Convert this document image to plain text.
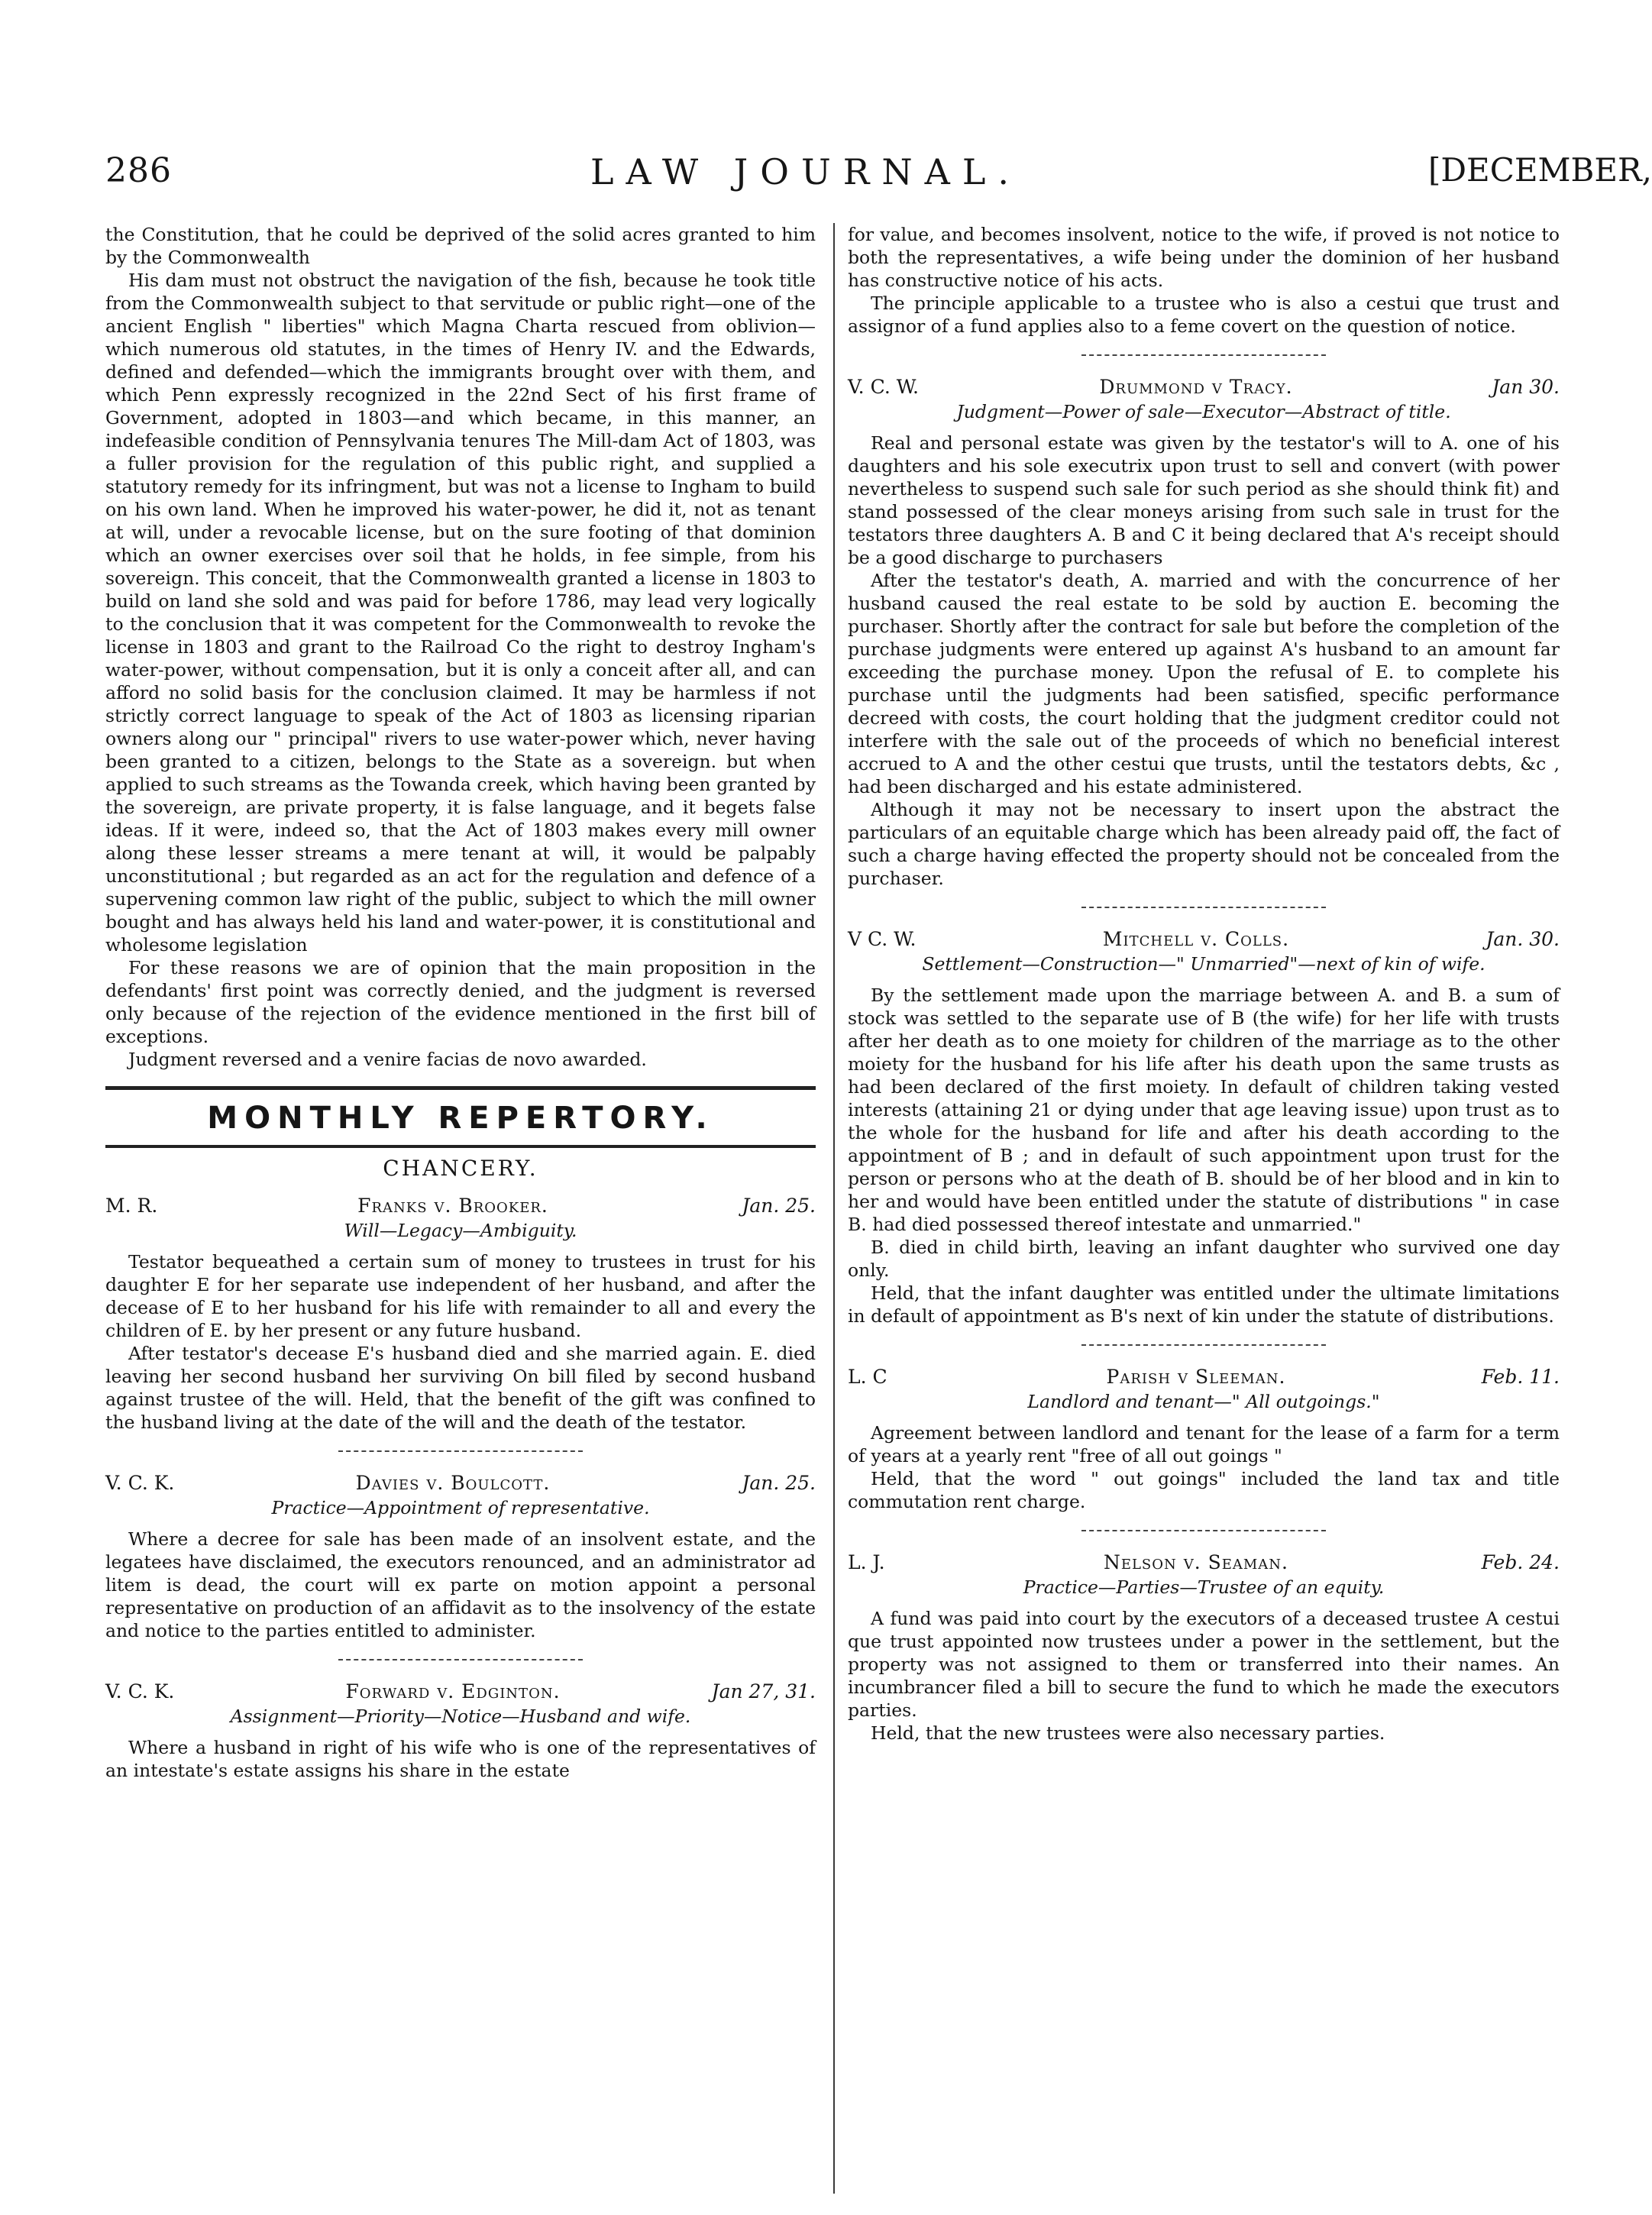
286	LAW JOURNAL.	[DECEMBER,

the Constitution, that he could be deprived of the solid acres granted to him by the Commonwealth

His dam must not obstruct the navigation of the fish, because he took title from the Commonwealth subject to that servitude or public right—one of the ancient English " liberties" which Magna Charta rescued from oblivion—which numerous old statutes, in the times of Henry IV. and the Edwards, defined and defended—which the immigrants brought over with them, and which Penn expressly recognized in the 22nd Sect of his first frame of Government, adopted in 1803—and which became, in this manner, an indefeasible condition of Pennsylvania tenures The Mill-dam Act of 1803, was a fuller provision for the regulation of this public right, and supplied a statutory remedy for its infringment, but was not a license to Ingham to build on his own land. When he improved his water-power, he did it, not as tenant at will, under a revocable license, but on the sure footing of that dominion which an owner exercises over soil that he holds, in fee simple, from his sovereign. This conceit, that the Commonwealth granted a license in 1803 to build on land she sold and was paid for before 1786, may lead very logically to the conclusion that it was competent for the Commonwealth to revoke the license in 1803 and grant to the Railroad Co the right to destroy Ingham's water-power, without compensation, but it is only a conceit after all, and can afford no solid basis for the conclusion claimed. It may be harmless if not strictly correct language to speak of the Act of 1803 as licensing riparian owners along our " principal" rivers to use water-power which, never having been granted to a citizen, belongs to the State as a sovereign. but when applied to such streams as the Towanda creek, which having been granted by the sovereign, are private property, it is false language, and it begets false ideas. If it were, indeed so, that the Act of 1803 makes every mill owner along these lesser streams a mere tenant at will, it would be palpably unconstitutional ; but regarded as an act for the regulation and defence of a supervening common law right of the public, subject to which the mill owner bought and has always held his land and water-power, it is constitutional and wholesome legislation

For these reasons we are of opinion that the main proposition in the defendants' first point was correctly denied, and the judgment is reversed only because of the rejection of the evidence mentioned in the first bill of exceptions.

Judgment reversed and a venire facias de novo awarded.

MONTHLY REPERTORY.
CHANCERY.
M. R.	Franks v. Brooker.	Jan. 25.
Will—Legacy—Ambiguity.

Testator bequeathed a certain sum of money to trustees in trust for his daughter E for her separate use independent of her husband, and after the decease of E to her husband for his life with remainder to all and every the children of E. by her present or any future husband.

After testator's decease E's husband died and she married again. E. died leaving her second husband her surviving On bill filed by second husband against trustee of the will. Held, that the benefit of the gift was confined to the husband living at the date of the will and the death of the testator.

V. C. K.	Davies v. Boulcott.	Jan. 25.
Practice—Appointment of representative.

Where a decree for sale has been made of an insolvent estate, and the legatees have disclaimed, the executors renounced, and an administrator ad litem is dead, the court will ex parte on motion appoint a personal representative on production of an affidavit as to the insolvency of the estate and notice to the parties entitled to administer.

V. C. K.	Forward v. Edginton.	Jan 27, 31.
Assignment—Priority—Notice—Husband and wife.

Where a husband in right of his wife who is one of the representatives of an intestate's estate assigns his share in the estate

for value, and becomes insolvent, notice to the wife, if proved is not notice to both the representatives, a wife being under the dominion of her husband has constructive notice of his acts.

The principle applicable to a trustee who is also a cestui que trust and assignor of a fund applies also to a feme covert on the question of notice.

V. C. W.	Drummond v Tracy.	Jan 30.
Judgment—Power of sale—Executor—Abstract of title.

Real and personal estate was given by the testator's will to A. one of his daughters and his sole executrix upon trust to sell and convert (with power nevertheless to suspend such sale for such period as she should think fit) and stand possessed of the clear moneys arising from such sale in trust for the testators three daughters A. B and C it being declared that A's receipt should be a good discharge to purchasers

After the testator's death, A. married and with the concurrence of her husband caused the real estate to be sold by auction E. becoming the purchaser. Shortly after the contract for sale but before the completion of the purchase judgments were entered up against A's husband to an amount far exceeding the purchase money. Upon the refusal of E. to complete his purchase until the judgments had been satisfied, specific performance decreed with costs, the court holding that the judgment creditor could not interfere with the sale out of the proceeds of which no beneficial interest accrued to A and the other cestui que trusts, until the testators debts, &c , had been discharged and his estate administered.

Although it may not be necessary to insert upon the abstract the particulars of an equitable charge which has been already paid off, the fact of such a charge having effected the property should not be concealed from the purchaser.

V C. W.	Mitchell v. Colls.	Jan. 30.
Settlement—Construction—" Unmarried"—next of kin of wife.

By the settlement made upon the marriage between A. and B. a sum of stock was settled to the separate use of B (the wife) for her life with trusts after her death as to one moiety for children of the marriage as to the other moiety for the husband for his life after his death upon the same trusts as had been declared of the first moiety. In default of children taking vested interests (attaining 21 or dying under that age leaving issue) upon trust as to the whole for the husband for life and after his death according to the appointment of B ; and in default of such appointment upon trust for the person or persons who at the death of B. should be of her blood and in kin to her and would have been entitled under the statute of distributions " in case B. had died possessed thereof intestate and unmarried."

B. died in child birth, leaving an infant daughter who survived one day only.

Held, that the infant daughter was entitled under the ultimate limitations in default of appointment as B's next of kin under the statute of distributions.

L. C	Parish v Sleeman.	Feb. 11.
Landlord and tenant—" All outgoings."

Agreement between landlord and tenant for the lease of a farm for a term of years at a yearly rent "free of all out goings "

Held, that the word " out goings" included the land tax and title commutation rent charge.

L. J.	Nelson v. Seaman.	Feb. 24.
Practice—Parties—Trustee of an equity.

A fund was paid into court by the executors of a deceased trustee A cestui que trust appointed now trustees under a power in the settlement, but the property was not assigned to them or transferred into their names. An incumbrancer filed a bill to secure the fund to which he made the executors parties.

Held, that the new trustees were also necessary parties.
